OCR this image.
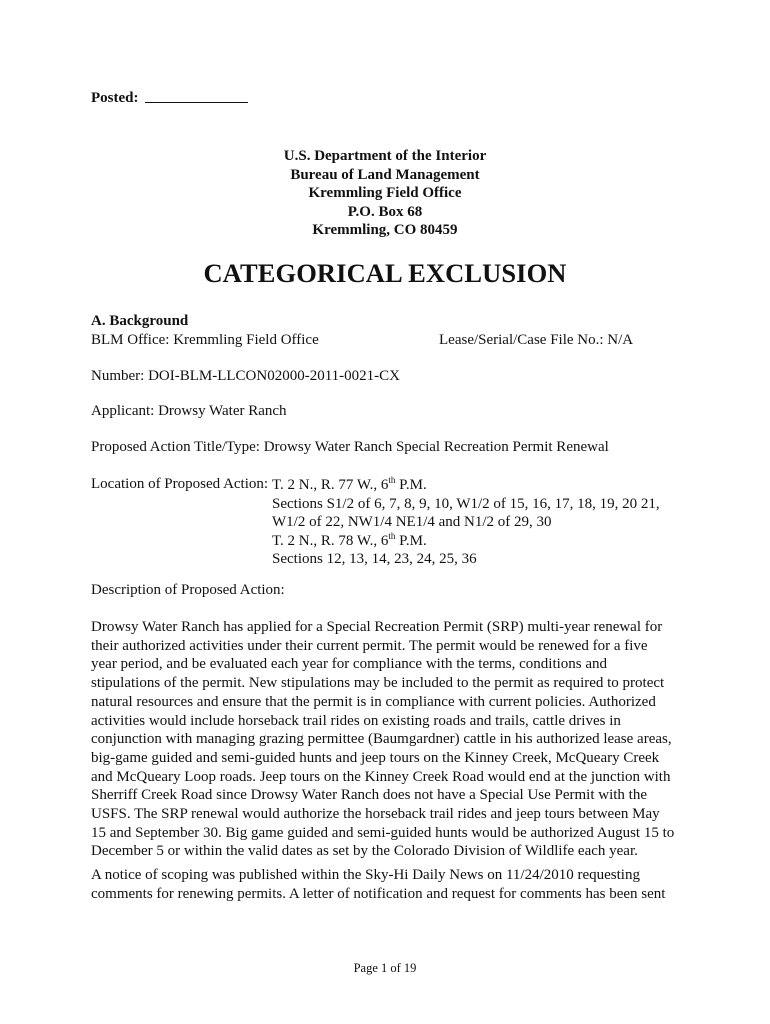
Posted:
U.S. Department of the Interior
Bureau of Land Management
Kremmling Field Office
P.O. Box 68
Kremmling, CO 80459
CATEGORICAL EXCLUSION
A. Background
BLM Office: Kremmling Field Office	Lease/Serial/Case File No.: N/A
Number: DOI-BLM-LLCON02000-2011-0021-CX
Applicant: Drowsy Water Ranch
Proposed Action Title/Type: Drowsy Water Ranch Special Recreation Permit Renewal
Location of Proposed Action: T. 2 N., R. 77 W., 6th P.M.
Sections S1/2 of 6, 7, 8, 9, 10, W1/2 of 15, 16, 17, 18, 19, 20 21,
W1/2 of 22, NW1/4 NE1/4 and N1/2 of 29, 30
T. 2 N., R. 78 W., 6th P.M.
Sections 12, 13, 14, 23, 24, 25, 36
Description of Proposed Action:
Drowsy Water Ranch has applied for a Special Recreation Permit (SRP) multi-year renewal for
their authorized activities under their current permit. The permit would be renewed for a five
year period, and be evaluated each year for compliance with the terms, conditions and
stipulations of the permit. New stipulations may be included to the permit as required to protect
natural resources and ensure that the permit is in compliance with current policies. Authorized
activities would include horseback trail rides on existing roads and trails, cattle drives in
conjunction with managing grazing permittee (Baumgardner) cattle in his authorized lease areas,
big-game guided and semi-guided hunts and jeep tours on the Kinney Creek, McQueary Creek
and McQueary Loop roads. Jeep tours on the Kinney Creek Road would end at the junction with
Sherriff Creek Road since Drowsy Water Ranch does not have a Special Use Permit with the
USFS. The SRP renewal would authorize the horseback trail rides and jeep tours between May
15 and September 30. Big game guided and semi-guided hunts would be authorized August 15 to
December 5 or within the valid dates as set by the Colorado Division of Wildlife each year.
A notice of scoping was published within the Sky-Hi Daily News on 11/24/2010 requesting
comments for renewing permits. A letter of notification and request for comments has been sent
Page 1 of 19
